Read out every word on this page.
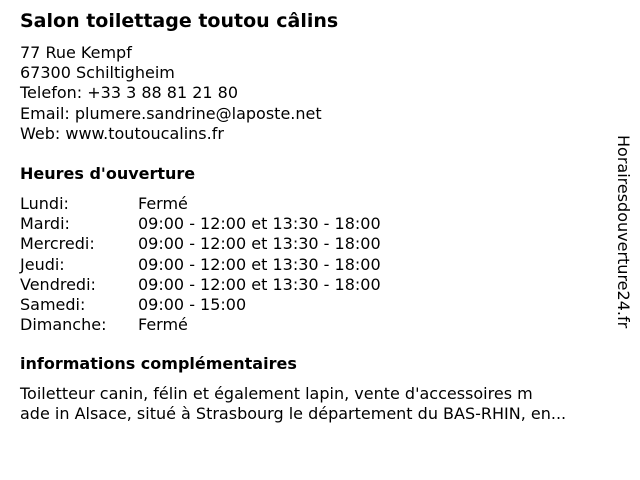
Salon toilettage toutou câlins
77 Rue Kempf
67300 Schiltigheim
Telefon: +33 3 88 81 21 80
Email: plumere.sandrine@laposte.net
Web: www.toutoucalins.fr
Heures d'ouverture
Lundi:	Fermé
Mardi:	09:00 - 12:00 et 13:30 - 18:00
Mercredi:	09:00 - 12:00 et 13:30 - 18:00
Jeudi:	09:00 - 12:00 et 13:30 - 18:00
Vendredi:	09:00 - 12:00 et 13:30 - 18:00
Samedi:	09:00 - 15:00
Dimanche: Fermé
informations complémentaires
Toiletteur canin, félin et également lapin, vente d'accessoires m
ade in Alsace, situé à Strasbourg le département du BAS-RHIN, en...
Horairesdouverture24.fr
